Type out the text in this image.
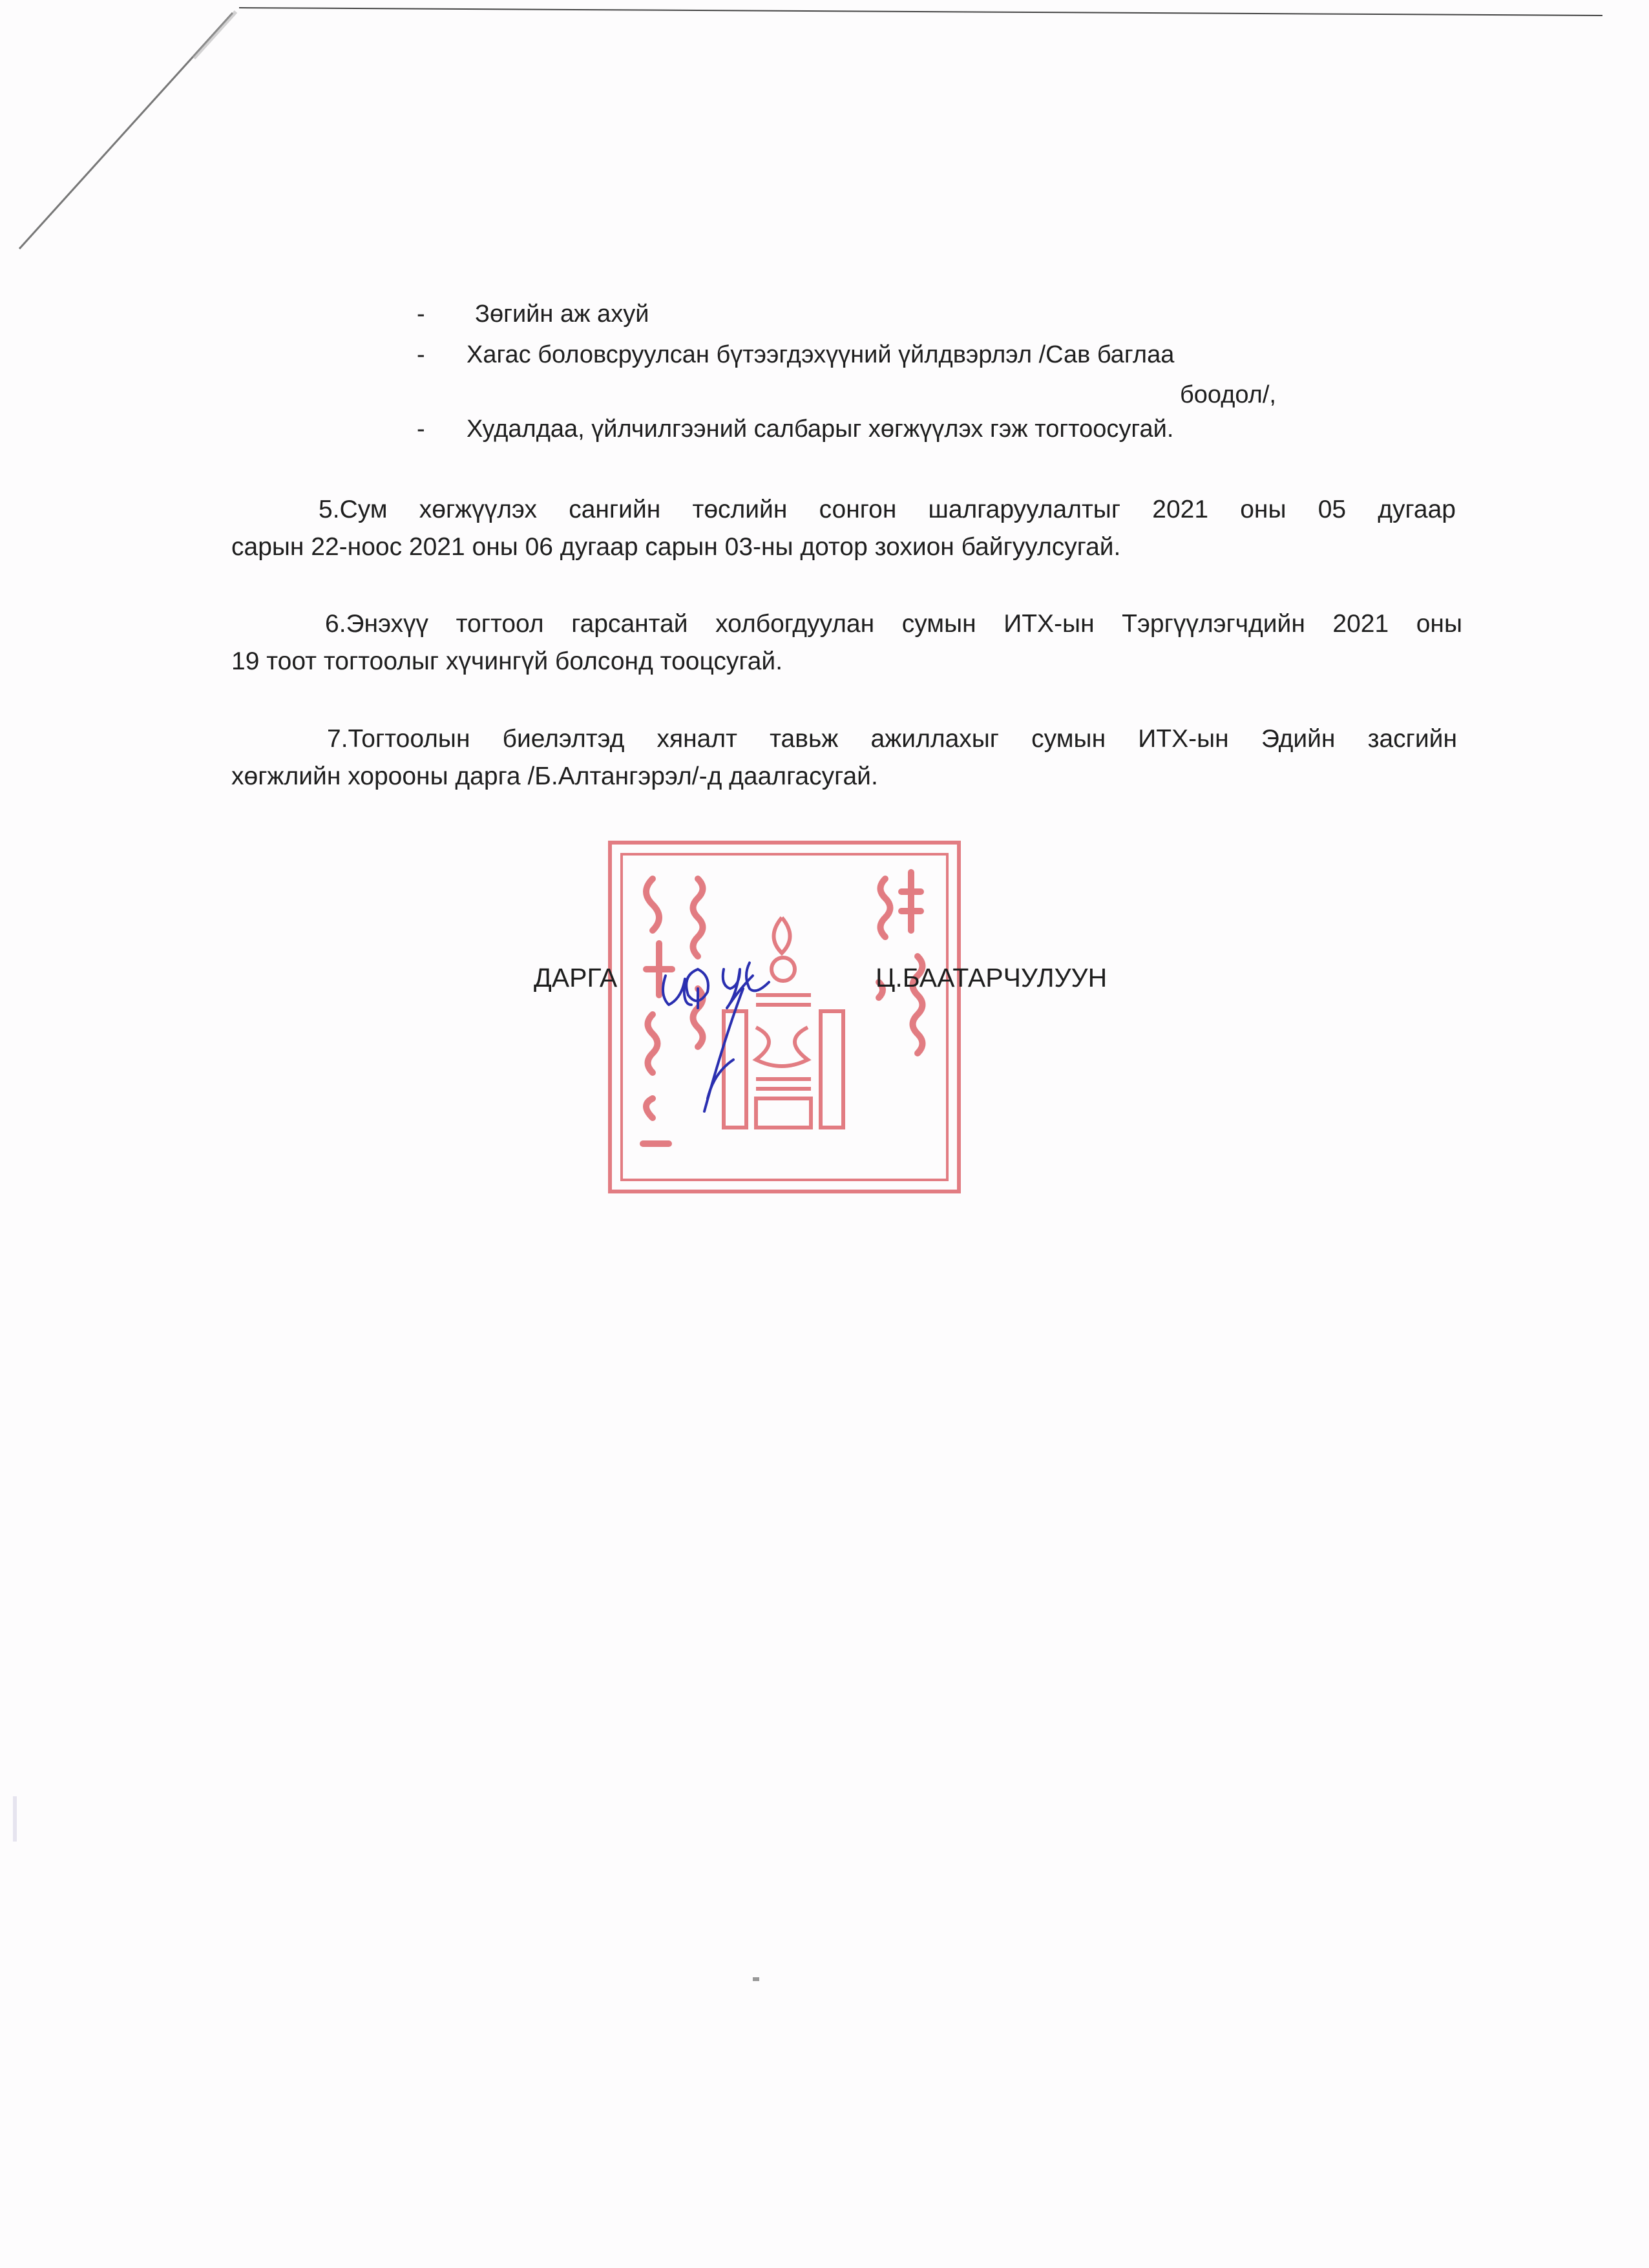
- Зөгийн аж ахуй
- Хагас боловсруулсан бүтээгдэхүүний үйлдвэрлэл /Сав баглаа
боодол/,
- Худалдаа, үйлчилгээний салбарыг хөгжүүлэх гэж тогтоосугай.
5.Сум хөгжүүлэх сангийн төслийн сонгон шалгаруулалтыг 2021 оны 05 дугаар
сарын 22-ноос 2021 оны 06 дугаар сарын 03-ны дотор зохион байгуулсугай.
6.Энэхүү тогтоол гарсантай холбогдуулан сумын ИТХ-ын Тэргүүлэгчдийн 2021 оны
19 тоот тогтоолыг хүчингүй болсонд тооцсугай.
7.Тогтоолын биелэлтэд хяналт тавьж ажиллахыг сумын ИТХ-ын Эдийн засгийн
хөгжлийн хорооны дарга /Б.Алтангэрэл/-д даалгасугай.
ДАРГА	Ц.БААТАРЧУЛУУН
